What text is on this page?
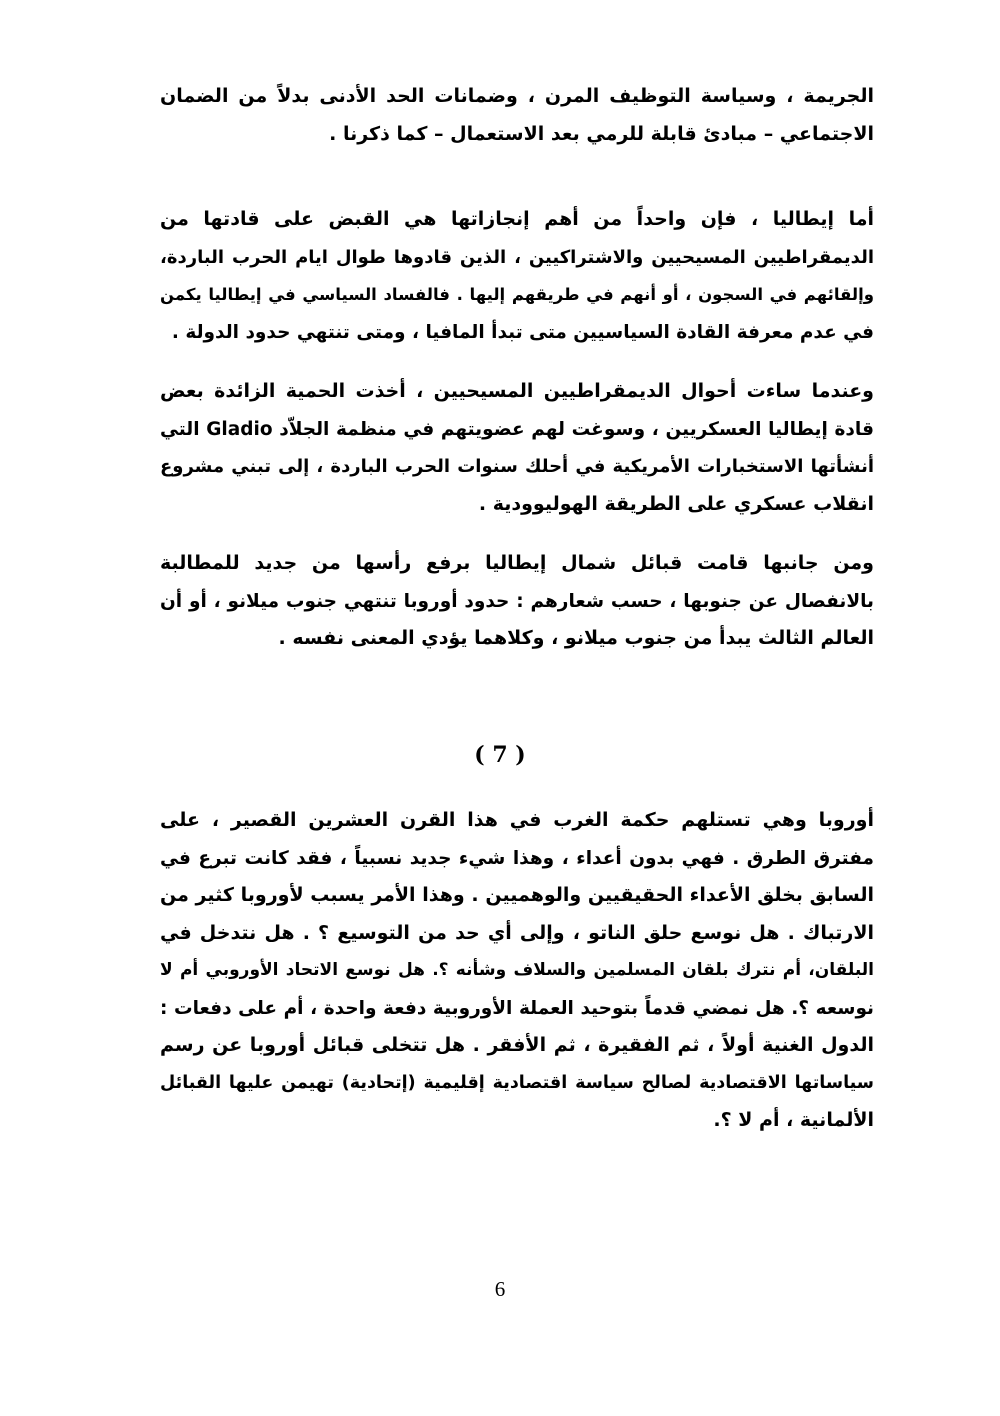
الجريمة ، وسياسة التوظيف المرن ، وضمانات الحد الأدنى بدلاً من الضمان
الاجتماعي – مبادئ قابلة للرمي بعد الاستعمال – كما ذكرنا .
أما إيطاليا ، فإن واحداً من أهم إنجازاتها هي القبض على قادتها من
الديمقراطيين المسيحيين والاشتراكيين ، الذين قادوها طوال ايام الحرب الباردة،
وإلقائهم في السجون ، أو أنهم في طريقهم إليها . فالفساد السياسي في إيطاليا يكمن
في عدم معرفة القادة السياسيين متى تبدأ المافيا ، ومتى تنتهي حدود الدولة .
وعندما ساءت أحوال الديمقراطيين المسيحيين ، أخذت الحمية الزائدة بعض
قادة إيطاليا العسكريين ، وسوغت لهم عضويتهم في منظمة الجلاّد Gladio التي
أنشأتها الاستخبارات الأمريكية في أحلك سنوات الحرب الباردة ، إلى تبني مشروع
انقلاب عسكري على الطريقة الهوليوودية .
ومن جانبها قامت قبائل شمال إيطاليا برفع رأسها من جديد للمطالبة
بالانفصال عن جنوبها ، حسب شعارهم : حدود أوروبا تنتهي جنوب ميلانو ، أو أن
العالم الثالث يبدأ من جنوب ميلانو ، وكلاهما يؤدي المعنى نفسه .
( 7 )
أوروبا وهي تستلهم حكمة الغرب في هذا القرن العشرين القصير ، على
مفترق الطرق . فهي بدون أعداء ، وهذا شيء جديد نسبياً ، فقد كانت تبرع في
السابق بخلق الأعداء الحقيقيين والوهميين . وهذا الأمر يسبب لأوروبا كثير من
الارتباك . هل نوسع حلق الناتو ، وإلى أي حد من التوسيع ؟ . هل نتدخل في
البلقان، أم نترك بلقان المسلمين والسلاف وشأنه ؟. هل نوسع الاتحاد الأوروبي أم لا
نوسعه ؟. هل نمضي قدماً بتوحيد العملة الأوروبية دفعة واحدة ، أم على دفعات :
الدول الغنية أولاً ، ثم الفقيرة ، ثم الأفقر . هل تتخلى قبائل أوروبا عن رسم
سياساتها الاقتصادية لصالح سياسة اقتصادية إقليمية (إتحادية) تهيمن عليها القبائل
الألمانية ، أم لا ؟.
6
